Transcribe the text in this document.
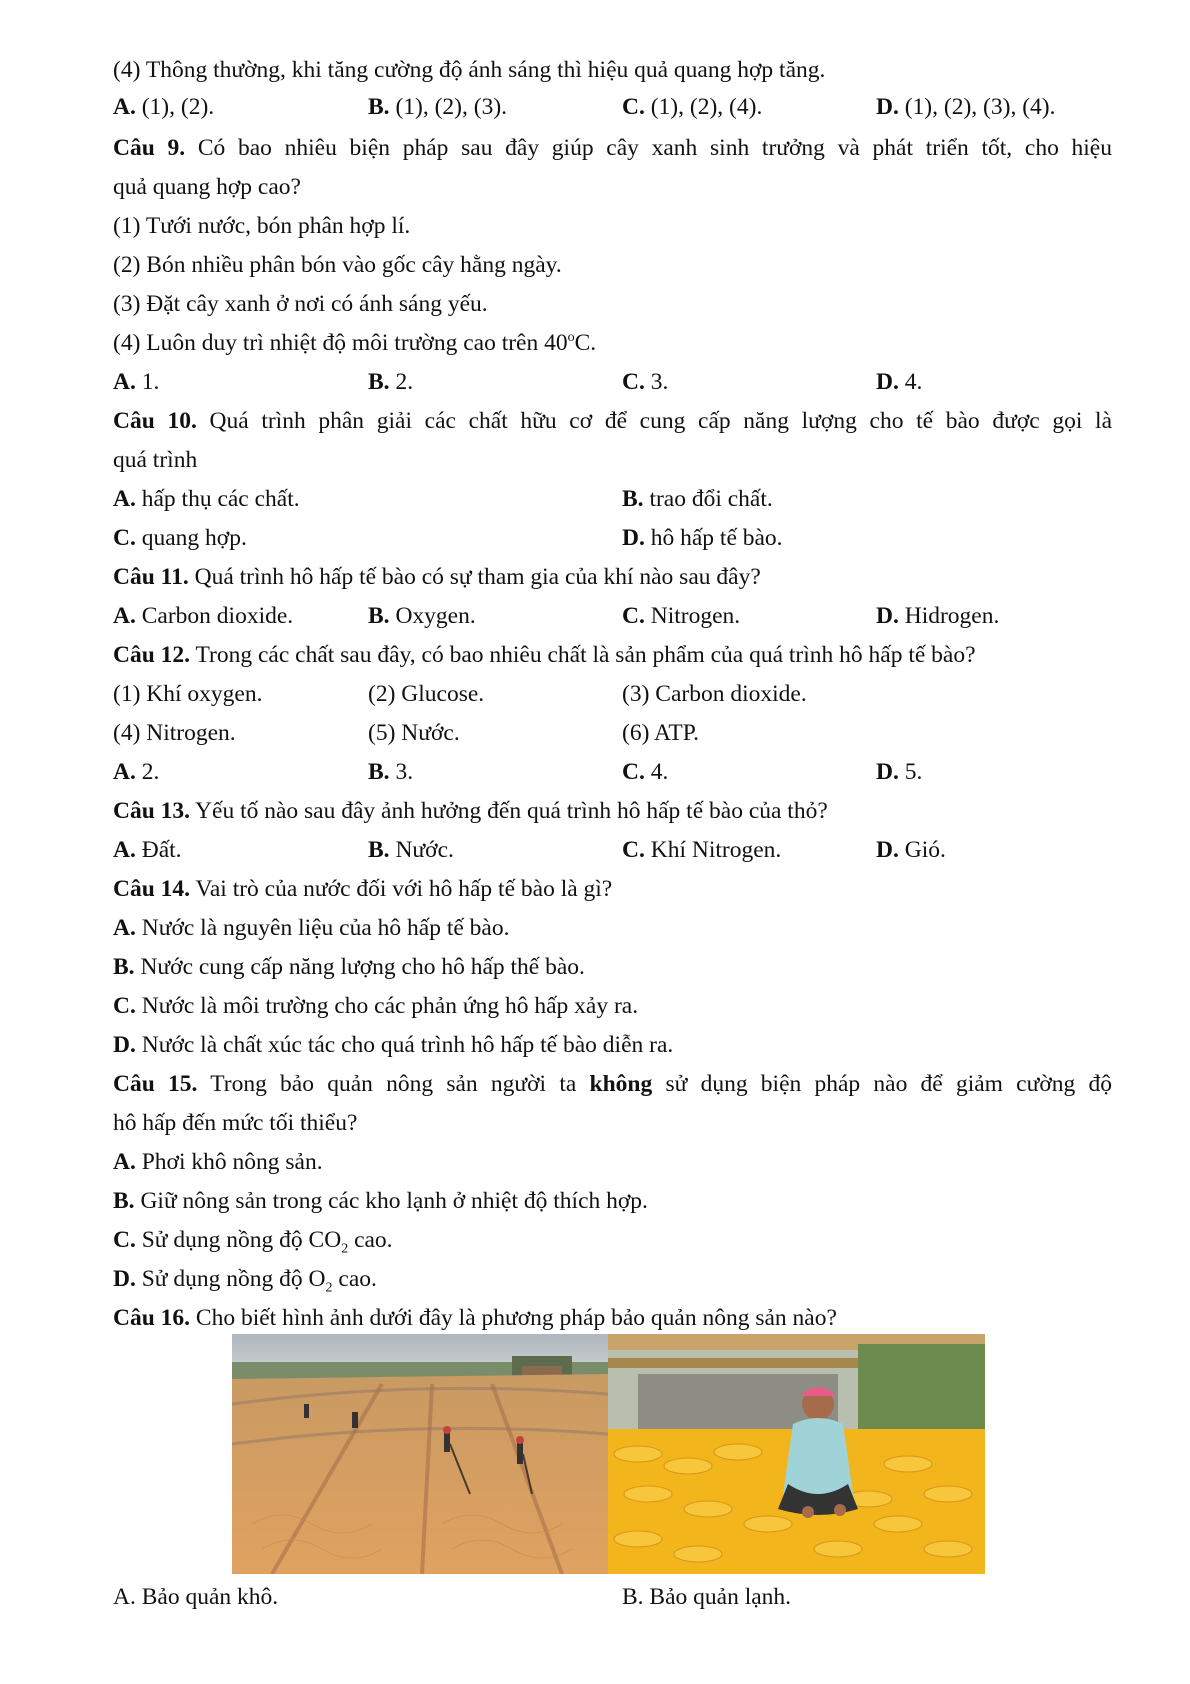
(4) Thông thường, khi tăng cường độ ánh sáng thì hiệu quả quang hợp tăng.
A. (1), (2).	B. (1), (2), (3).	C. (1), (2), (4).	D. (1), (2), (3), (4).
Câu 9. Có bao nhiêu biện pháp sau đây giúp cây xanh sinh trưởng và phát triển tốt, cho hiệu
quả quang hợp cao?
(1) Tưới nước, bón phân hợp lí.
(2) Bón nhiều phân bón vào gốc cây hằng ngày.
(3) Đặt cây xanh ở nơi có ánh sáng yếu.
(4) Luôn duy trì nhiệt độ môi trường cao trên 40$^o$C.
A. 1.	B. 2.	C. 3.	D. 4.
Câu 10. Quá trình phân giải các chất hữu cơ để cung cấp năng lượng cho tế bào được gọi là
quá trình
A. hấp thụ các chất.	B. trao đổi chất.
C. quang hợp.	D. hô hấp tế bào.
Câu 11. Quá trình hô hấp tế bào có sự tham gia của khí nào sau đây?
A. Carbon dioxide.	B. Oxygen.	C. Nitrogen.	D. Hidrogen.
Câu 12. Trong các chất sau đây, có bao nhiêu chất là sản phẩm của quá trình hô hấp tế bào?
(1) Khí oxygen.	(2) Glucose.	(3) Carbon dioxide.
(4) Nitrogen.	(5) Nước.	(6) ATP.
A. 2.	B. 3.	C. 4.	D. 5.
Câu 13. Yếu tố nào sau đây ảnh hưởng đến quá trình hô hấp tế bào của thỏ?
A. Đất.	B. Nước.	C. Khí Nitrogen.	D. Gió.
Câu 14. Vai trò của nước đối với hô hấp tế bào là gì?
A. Nước là nguyên liệu của hô hấp tế bào.
B. Nước cung cấp năng lượng cho hô hấp thế bào.
C. Nước là môi trường cho các phản ứng hô hấp xảy ra.
D. Nước là chất xúc tác cho quá trình hô hấp tế bào diễn ra.
Câu 15. Trong bảo quản nông sản người ta không sử dụng biện pháp nào để giảm cường độ
hô hấp đến mức tối thiểu?
A. Phơi khô nông sản.
B. Giữ nông sản trong các kho lạnh ở nhiệt độ thích hợp.
C. Sử dụng nồng độ $CO_2$ cao.
D. Sử dụng nồng độ $O_2$ cao.
Câu 16. Cho biết hình ảnh dưới đây là phương pháp bảo quản nông sản nào?
A. Bảo quản khô.	B. Bảo quản lạnh.
